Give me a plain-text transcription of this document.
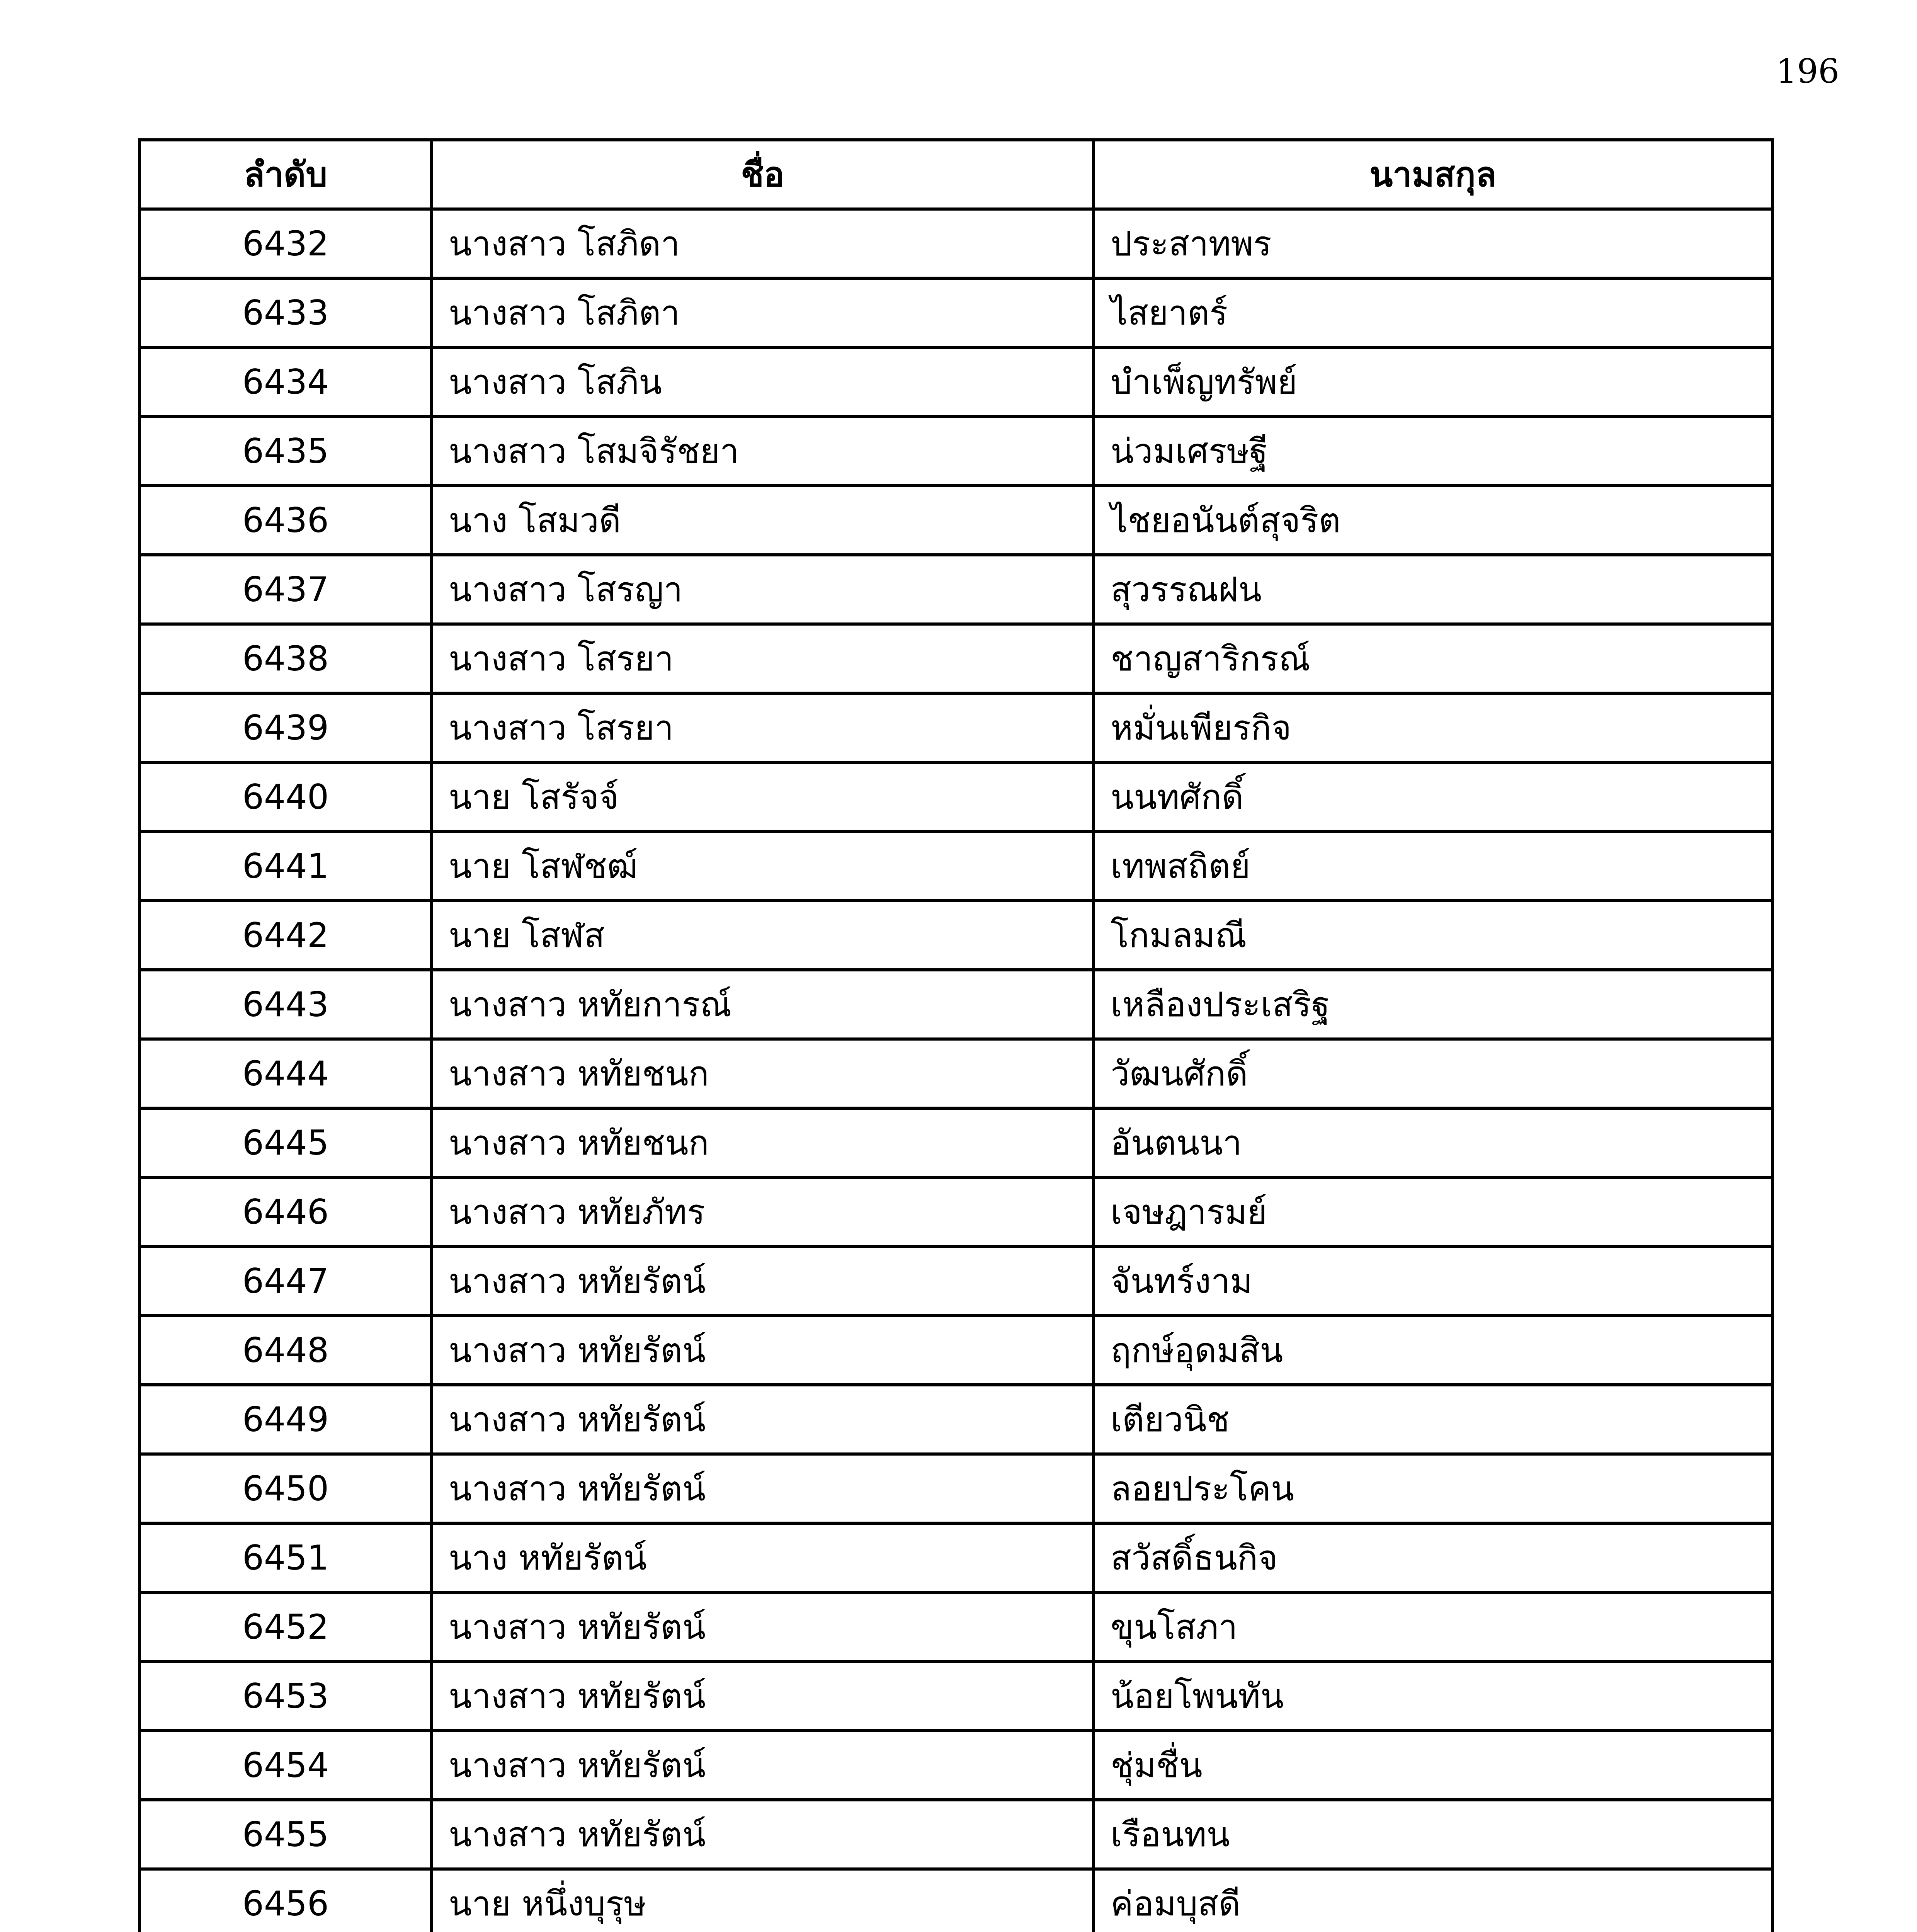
196
ลำดับ	ชื่อ	นามสกุล
6432	นางสาว โสภิดา	ประสาทพร
6433	นางสาว โสภิตา	ไสยาตร์
6434	นางสาว โสภิน	บำเพ็ญทรัพย์
6435	นางสาว โสมจิรัชยา	น่วมเศรษฐี
6436	นาง โสมวดี	ไชยอนันต์สุจริต
6437	นางสาว โสรญา	สุวรรณฝน
6438	นางสาว โสรยา	ชาญสาริกรณ์
6439	นางสาว โสรยา	หมั่นเพียรกิจ
6440	นาย โสรัจจ์	นนทศักดิ์
6441	นาย โสฬชฒ์	เทพสถิตย์
6442	นาย โสฬส	โกมลมณี
6443	นางสาว หทัยการณ์	เหลืองประเสริฐ
6444	นางสาว หทัยชนก	วัฒนศักดิ์
6445	นางสาว หทัยชนก	อันตนนา
6446	นางสาว หทัยภัทร	เจษฎารมย์
6447	นางสาว หทัยรัตน์	จันทร์งาม
6448	นางสาว หทัยรัตน์	ฤกษ์อุดมสิน
6449	นางสาว หทัยรัตน์	เตียวนิช
6450	นางสาว หทัยรัตน์	ลอยประโคน
6451	นาง หทัยรัตน์	สวัสดิ์ธนกิจ
6452	นางสาว หทัยรัตน์	ขุนโสภา
6453	นางสาว หทัยรัตน์	น้อยโพนทัน
6454	นางสาว หทัยรัตน์	ชุ่มชื่น
6455	นางสาว หทัยรัตน์	เรือนทน
6456	นาย หนึ่งบุรุษ	ค่อมบุสดี
